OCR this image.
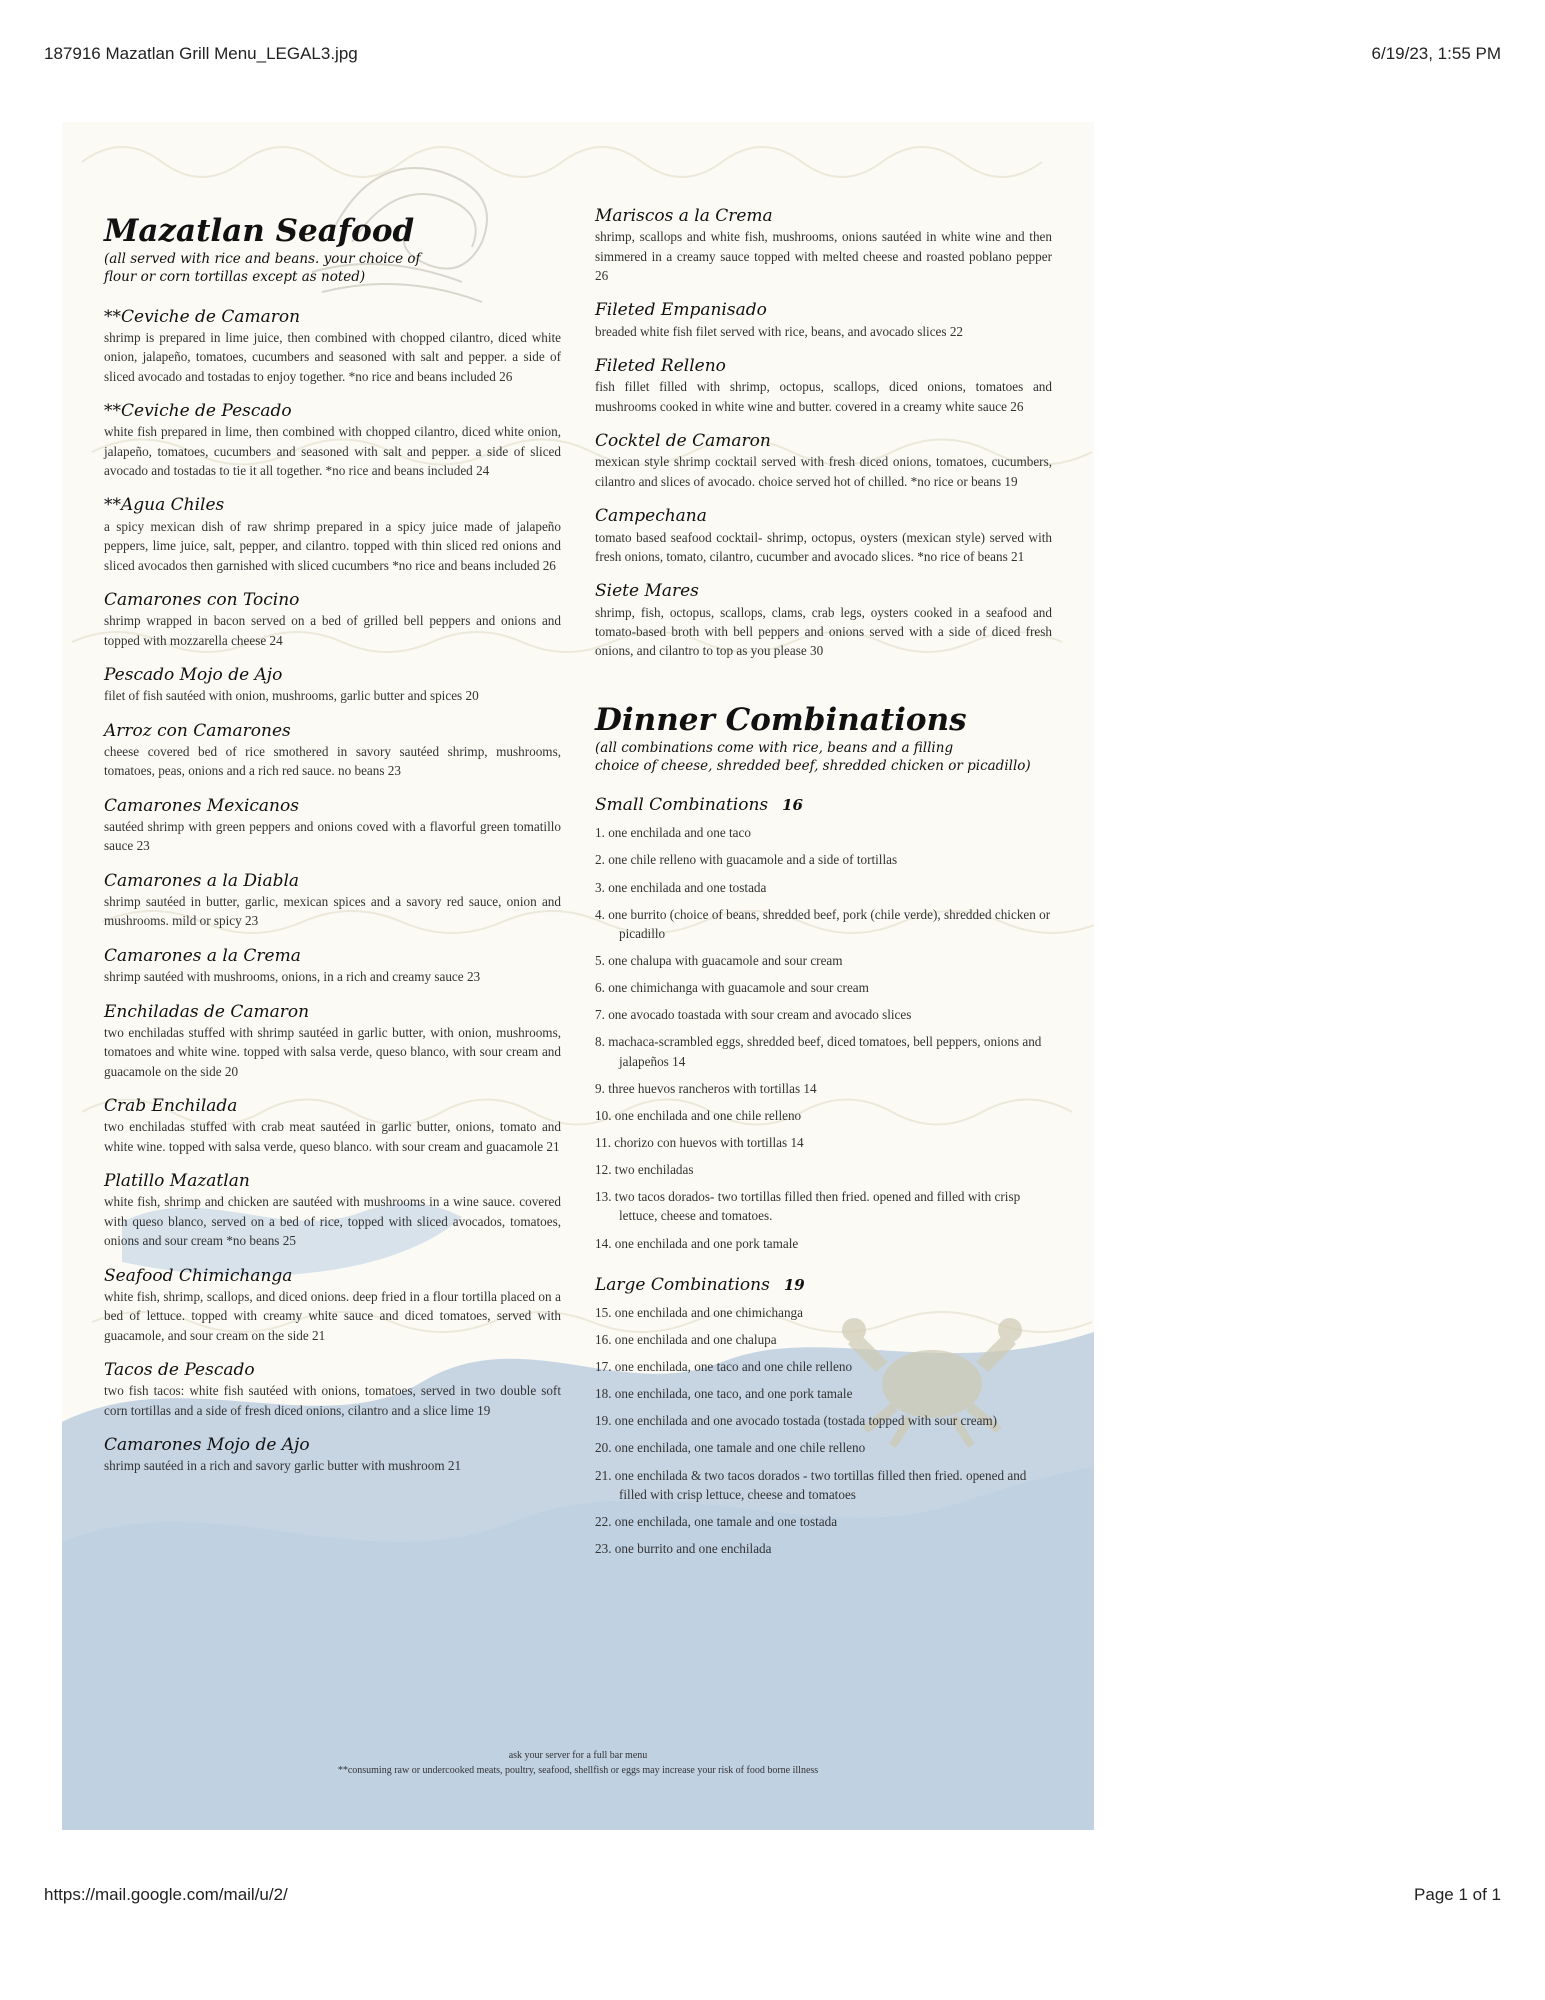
187916 Mazatlan Grill Menu_LEGAL3.jpg	6/19/23, 1:55 PM
Mazatlan Seafood
(all served with rice and beans. your choice of
flour or corn tortillas except as noted)
**Ceviche de Camaron
shrimp is prepared in lime juice, then combined with chopped cilantro, diced white onion, jalapeño, tomatoes, cucumbers and seasoned with salt and pepper. a side of sliced avocado and tostadas to enjoy together. *no rice and beans included 26
**Ceviche de Pescado
white fish prepared in lime, then combined with chopped cilantro, diced white onion, jalapeño, tomatoes, cucumbers and seasoned with salt and pepper. a side of sliced avocado and tostadas to tie it all together. *no rice and beans included 24
**Agua Chiles
a spicy mexican dish of raw shrimp prepared in a spicy juice made of jalapeño peppers, lime juice, salt, pepper, and cilantro. topped with thin sliced red onions and sliced avocados then garnished with sliced cucumbers *no rice and beans included 26
Camarones con Tocino
shrimp wrapped in bacon served on a bed of grilled bell peppers and onions and topped with mozzarella cheese 24
Pescado Mojo de Ajo
filet of fish sautéed with onion, mushrooms, garlic butter and spices 20
Arroz con Camarones
cheese covered bed of rice smothered in savory sautéed shrimp, mushrooms, tomatoes, peas, onions and a rich red sauce. no beans 23
Camarones Mexicanos
sautéed shrimp with green peppers and onions coved with a flavorful green tomatillo sauce 23
Camarones a la Diabla
shrimp sautéed in butter, garlic, mexican spices and a savory red sauce, onion and mushrooms. mild or spicy 23
Camarones a la Crema
shrimp sautéed with mushrooms, onions, in a rich and creamy sauce 23
Enchiladas de Camaron
two enchiladas stuffed with shrimp sautéed in garlic butter, with onion, mushrooms, tomatoes and white wine. topped with salsa verde, queso blanco, with sour cream and guacamole on the side 20
Crab Enchilada
two enchiladas stuffed with crab meat sautéed in garlic butter, onions, tomato and white wine. topped with salsa verde, queso blanco. with sour cream and guacamole 21
Platillo Mazatlan
white fish, shrimp and chicken are sautéed with mushrooms in a wine sauce. covered with queso blanco, served on a bed of rice, topped with sliced avocados, tomatoes, onions and sour cream *no beans 25
Seafood Chimichanga
white fish, shrimp, scallops, and diced onions. deep fried in a flour tortilla placed on a bed of lettuce. topped with creamy white sauce and diced tomatoes, served with guacamole, and sour cream on the side 21
Tacos de Pescado
two fish tacos: white fish sautéed with onions, tomatoes, served in two double soft corn tortillas and a side of fresh diced onions, cilantro and a slice lime 19
Camarones Mojo de Ajo
shrimp sautéed in a rich and savory garlic butter with mushroom 21
Mariscos a la Crema
shrimp, scallops and white fish, mushrooms, onions sautéed in white wine and then simmered in a creamy sauce topped with melted cheese and roasted poblano pepper 26
Fileted Empanisado
breaded white fish filet served with rice, beans, and avocado slices 22
Fileted Relleno
fish fillet filled with shrimp, octopus, scallops, diced onions, tomatoes and mushrooms cooked in white wine and butter. covered in a creamy white sauce 26
Cocktel de Camaron
mexican style shrimp cocktail served with fresh diced onions, tomatoes, cucumbers, cilantro and slices of avocado. choice served hot of chilled. *no rice or beans 19
Campechana
tomato based seafood cocktail- shrimp, octopus, oysters (mexican style) served with fresh onions, tomato, cilantro, cucumber and avocado slices. *no rice of beans 21
Siete Mares
shrimp, fish, octopus, scallops, clams, crab legs, oysters cooked in a seafood and tomato-based broth with bell peppers and onions served with a side of diced fresh onions, and cilantro to top as you please 30
Dinner Combinations
(all combinations come with rice, beans and a filling
choice of cheese, shredded beef, shredded chicken or picadillo)
Small Combinations 16
1. one enchilada and one taco
2. one chile relleno with guacamole and a side of tortillas
3. one enchilada and one tostada
4. one burrito (choice of beans, shredded beef, pork (chile verde), shredded chicken or picadillo
5. one chalupa with guacamole and sour cream
6. one chimichanga with guacamole and sour cream
7. one avocado toastada with sour cream and avocado slices
8. machaca-scrambled eggs, shredded beef, diced tomatoes, bell peppers, onions and jalapeños 14
9. three huevos rancheros with tortillas 14
10. one enchilada and one chile relleno
11. chorizo con huevos with tortillas 14
12. two enchiladas
13. two tacos dorados- two tortillas filled then fried. opened and filled with crisp lettuce, cheese and tomatoes.
14. one enchilada and one pork tamale
Large Combinations 19
15. one enchilada and one chimichanga
16. one enchilada and one chalupa
17. one enchilada, one taco and one chile relleno
18. one enchilada, one taco, and one pork tamale
19. one enchilada and one avocado tostada (tostada topped with sour cream)
20. one enchilada, one tamale and one chile relleno
21. one enchilada & two tacos dorados - two tortillas filled then fried. opened and filled with crisp lettuce, cheese and tomatoes
22. one enchilada, one tamale and one tostada
23. one burrito and one enchilada
ask your server for a full bar menu
**consuming raw or undercooked meats, poultry, seafood, shellfish or eggs may increase your risk of food borne illness
https://mail.google.com/mail/u/2/	Page 1 of 1
